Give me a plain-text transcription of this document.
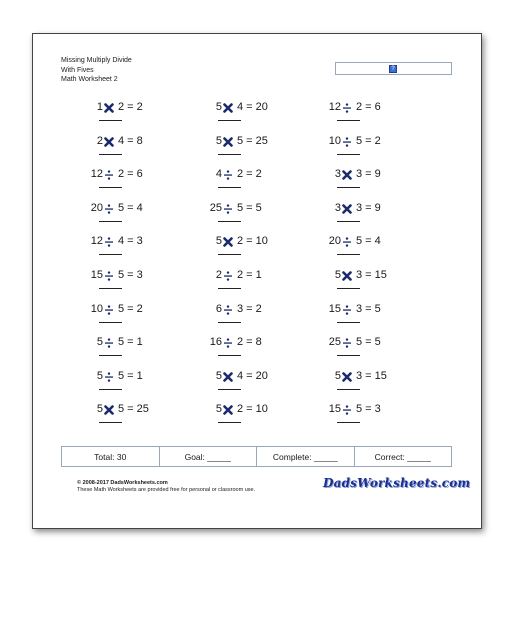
Missing Multiply Divide
With Fives
Math Worksheet 2
?
1 2 = 2	5 4 = 20	12 2 = 6
2 4 = 8	5 5 = 25	10 5 = 2
12 2 = 6	4 2 = 2	3 3 = 9
20 5 = 4	25 5 = 5	3 3 = 9
12 4 = 3	5 2 = 10	20 5 = 4
15 5 = 3	2 2 = 1	5 3 = 15
10 5 = 2	6 3 = 2	15 3 = 5
5 5 = 1	16 2 = 8	25 5 = 5
5 5 = 1	5 4 = 20	5 3 = 15
5 5 = 25	5 2 = 10	15 5 = 3
Total: 30	Goal: _____	Complete: _____	Correct: _____
© 2008-2017 DadsWorksheets.com
These Math Worksheets are provided free for personal or classroom use.	DadsWorksheets.com
